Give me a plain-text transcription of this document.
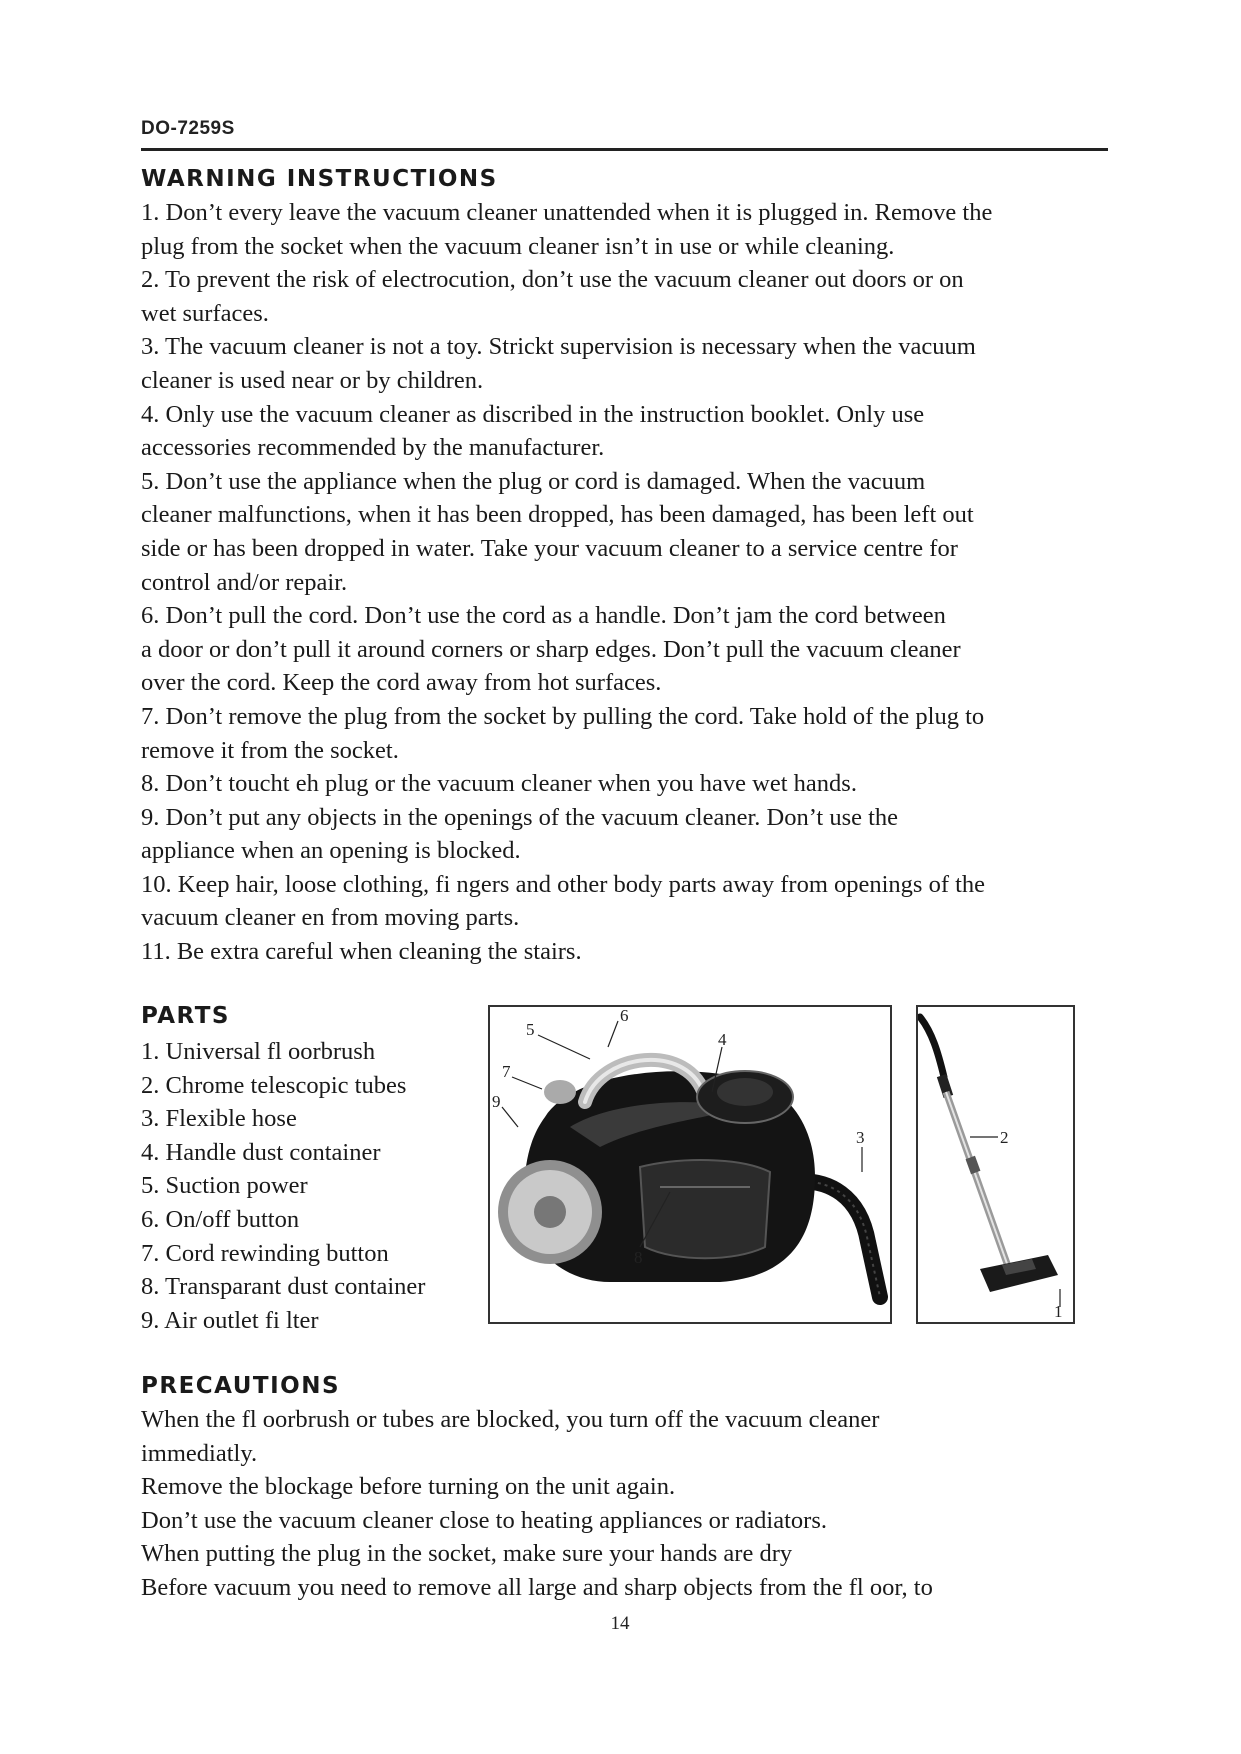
DO-7259S
WARNING INSTRUCTIONS
1. Don’t every leave the vacuum cleaner unattended when it is plugged in. Remove the
plug from the socket when the vacuum cleaner isn’t in use or while cleaning.
2. To prevent the risk of electrocution, don’t use the vacuum cleaner out doors or on
wet surfaces.
3. The vacuum cleaner is not a toy. Strickt supervision is necessary when the vacuum
cleaner is used near or by children.
4. Only use the vacuum cleaner as discribed in the instruction booklet. Only use
accessories recommended by the manufacturer.
5. Don’t use the appliance when the plug or cord is damaged. When the vacuum
cleaner malfunctions, when it has been dropped, has been damaged, has been left out
side or has been dropped in water. Take your vacuum cleaner to a service centre for
control and/or repair.
6. Don’t pull the cord. Don’t use the cord as a handle. Don’t jam the cord between
a door or don’t pull it around corners or sharp edges. Don’t pull the vacuum cleaner
over the cord. Keep the cord away from hot surfaces.
7. Don’t remove the plug from the socket by pulling the cord. Take hold of the plug to
remove it from the socket.
8. Don’t toucht eh plug or the vacuum cleaner when you have wet hands.
9. Don’t put any objects in the openings of the vacuum cleaner. Don’t use the
appliance when an opening is blocked.
10. Keep hair, loose clothing, fi ngers and other body parts away from openings of the
vacuum cleaner en from moving parts.
11. Be extra careful when cleaning the stairs.
PARTS
1. Universal fl oorbrush
2. Chrome telescopic tubes
3. Flexible hose
4. Handle dust container
5. Suction power
6. On/off button
7. Cord rewinding button
8. Transparant dust container
9. Air outlet fi lter
5
6
4
7
9
3
8
2
1
PRECAUTIONS
When the fl oorbrush or tubes are blocked, you turn off the vacuum cleaner
immediatly.
Remove the blockage before turning on the unit again.
Don’t use the vacuum cleaner close to heating appliances or radiators.
When putting the plug in the socket, make sure your hands are dry
Before vacuum you need to remove all large and sharp objects from the fl oor, to
14
